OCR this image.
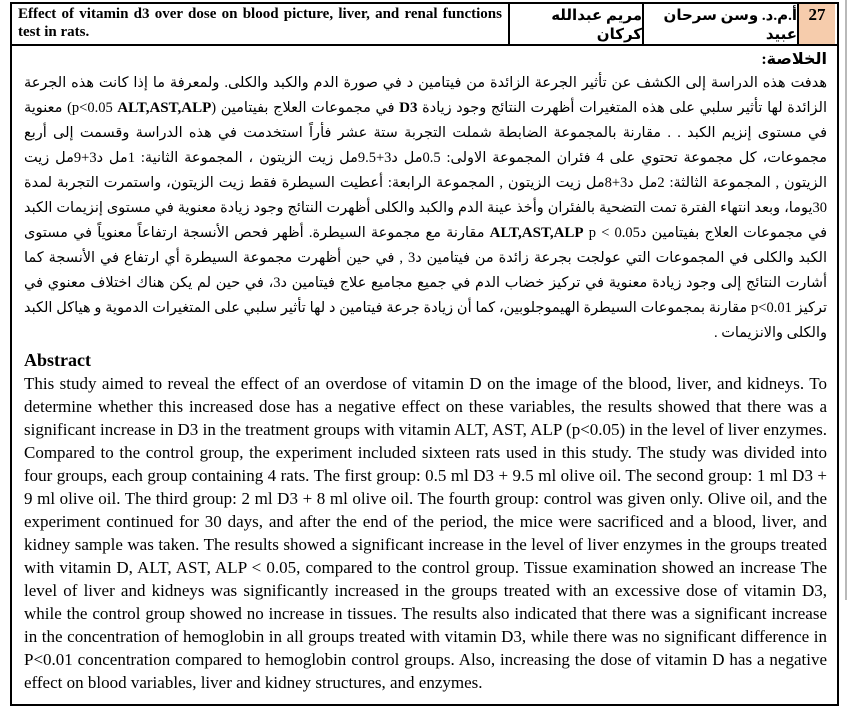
Effect of vitamin d3 over dose on blood picture, liver, and renal functions test in rats.
مريم عبدالله كركان
أ.م.د. وسن سرحان عبيد
27
الخلاصة:

هدفت هذه الدراسة إلى الكشف عن تأثير الجرعة الزائدة من فيتامين د في صورة الدم والكبد والكلى. ولمعرفة ما إذا كانت هذه الجرعة الزائدة لها تأثير سلبي على هذه المتغيرات أظهرت النتائج وجود زيادة D3 في مجموعات العلاج بفيتامين (p<0.05 ALT,AST,ALP) معنوية في مستوى إنزيم الكبد . . مقارنة بالمجموعة الضابطة شملت التجربة ستة عشر فأراً استخدمت في هذه الدراسة وقسمت إلى أربع مجموعات، كل مجموعة تحتوي على 4 فئران المجموعة الاولى: 0.5مل د3+9.5مل زيت الزيتون ، المجموعة الثانية: 1مل د3+9مل زيت الزيتون , المجموعة الثالثة: 2مل د3+8مل زيت الزيتون , المجموعة الرابعة: أعطيت السيطرة فقط زيت الزيتون، واستمرت التجربة لمدة 30يوما، وبعد انتهاء الفترة تمت التضحية بالفئران وأخذ عينة الدم والكبد والكلى أظهرت النتائج وجود زيادة معنوية في مستوى إنزيمات الكبد في مجموعات العلاج بفيتامين دALT,AST,ALP p < 0.05 مقارنة مع مجموعة السيطرة. أظهر فحص الأنسجة ارتفاعاً معنوياً في مستوى الكبد والكلى في المجموعات التي عولجت بجرعة زائدة من فيتامين د3 , في حين أظهرت مجموعة السيطرة أي ارتفاع في الأنسجة كما أشارت النتائج إلى وجود زيادة معنوية في تركيز خضاب الدم في جميع مجاميع علاج فيتامين د3، في حين لم يكن هناك اختلاف معنوي في تركيز p<0.01 مقارنة بمجموعات السيطرة الهيموجلوبين، كما أن زيادة جرعة فيتامين د لها تأثير سلبي على المتغيرات الدموية و هياكل الكبد والكلى والانزيمات .

Abstract

This study aimed to reveal the effect of an overdose of vitamin D on the image of the blood, liver, and kidneys. To determine whether this increased dose has a negative effect on these variables, the results showed that there was a significant increase in D3 in the treatment groups with vitamin ALT, AST, ALP (p<0.05) in the level of liver enzymes. Compared to the control group, the experiment included sixteen rats used in this study. The study was divided into four groups, each group containing 4 rats. The first group: 0.5 ml D3 + 9.5 ml olive oil. The second group: 1 ml D3 + 9 ml olive oil. The third group: 2 ml D3 + 8 ml olive oil. The fourth group: control was given only. Olive oil, and the experiment continued for 30 days, and after the end of the period, the mice were sacrificed and a blood, liver, and kidney sample was taken. The results showed a significant increase in the level of liver enzymes in the groups treated with vitamin D, ALT, AST, ALP < 0.05, compared to the control group. Tissue examination showed an increase The level of liver and kidneys was significantly increased in the groups treated with an excessive dose of vitamin D3, while the control group showed no increase in tissues. The results also indicated that there was a significant increase in the concentration of hemoglobin in all groups treated with vitamin D3, while there was no significant difference in P<0.01 concentration compared to hemoglobin control groups. Also, increasing the dose of vitamin D has a negative effect on blood variables, liver and kidney structures, and enzymes.
